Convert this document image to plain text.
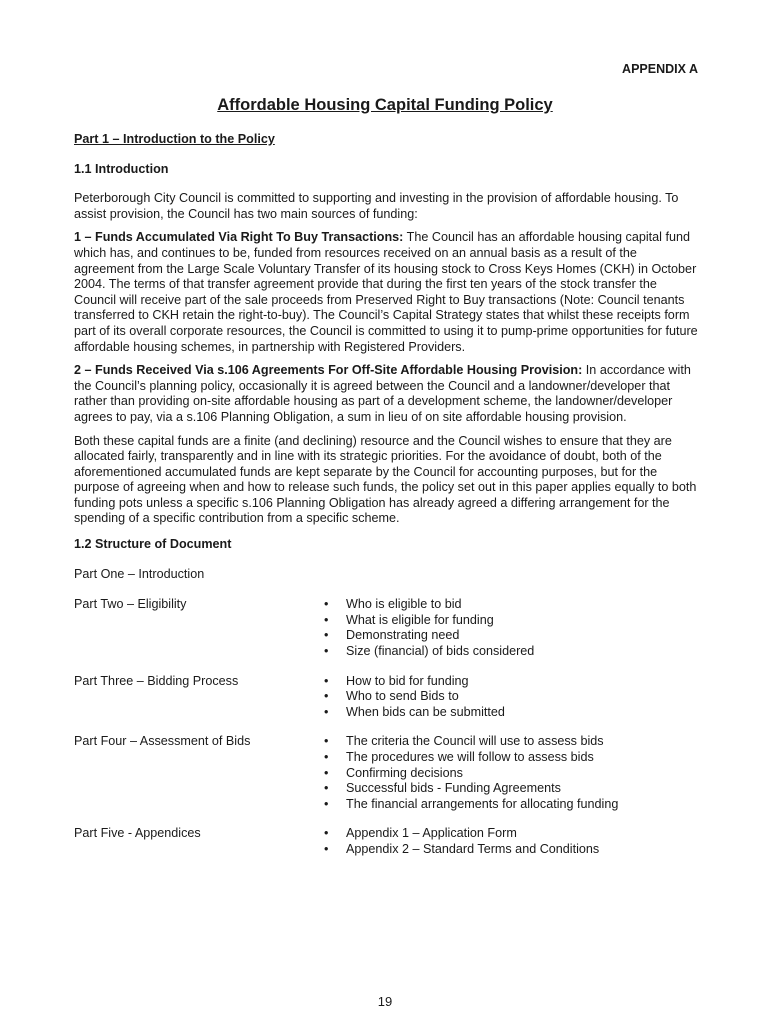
APPENDIX A
Affordable Housing Capital Funding Policy
Part 1 – Introduction to the Policy
1.1 Introduction

Peterborough City Council is committed to supporting and investing in the provision of affordable housing. To assist provision, the Council has two main sources of funding:

1 – Funds Accumulated Via Right To Buy Transactions: The Council has an affordable housing capital fund which has, and continues to be, funded from resources received on an annual basis as a result of the agreement from the Large Scale Voluntary Transfer of its housing stock to Cross Keys Homes (CKH) in October 2004. The terms of that transfer agreement provide that during the first ten years of the stock transfer the Council will receive part of the sale proceeds from Preserved Right to Buy transactions (Note: Council tenants transferred to CKH retain the right-to-buy). The Council’s Capital Strategy states that whilst these receipts form part of its overall corporate resources, the Council is committed to using it to pump-prime opportunities for future affordable housing schemes, in partnership with Registered Providers.

2 – Funds Received Via s.106 Agreements For Off-Site Affordable Housing Provision: In accordance with the Council’s planning policy, occasionally it is agreed between the Council and a landowner/developer that rather than providing on-site affordable housing as part of a development scheme, the landowner/developer agrees to pay, via a s.106 Planning Obligation, a sum in lieu of on site affordable housing provision.

Both these capital funds are a finite (and declining) resource and the Council wishes to ensure that they are allocated fairly, transparently and in line with its strategic priorities. For the avoidance of doubt, both of the aforementioned accumulated funds are kept separate by the Council for accounting purposes, but for the purpose of agreeing when and how to release such funds, the policy set out in this paper applies equally to both funding pots unless a specific s.106 Planning Obligation has already agreed a differing arrangement for the spending of a specific contribution from a specific scheme.

1.2 Structure of Document
Part One – Introduction
Part Two – Eligibility	• Who is eligible to bid
• What is eligible for funding
• Demonstrating need
• Size (financial) of bids considered
Part Three – Bidding Process	• How to bid for funding
• Who to send Bids to
• When bids can be submitted
Part Four – Assessment of Bids	• The criteria the Council will use to assess bids
• The procedures we will follow to assess bids
• Confirming decisions
• Successful bids - Funding Agreements
• The financial arrangements for allocating funding
Part Five - Appendices	• Appendix 1 – Application Form
• Appendix 2 – Standard Terms and Conditions
19
